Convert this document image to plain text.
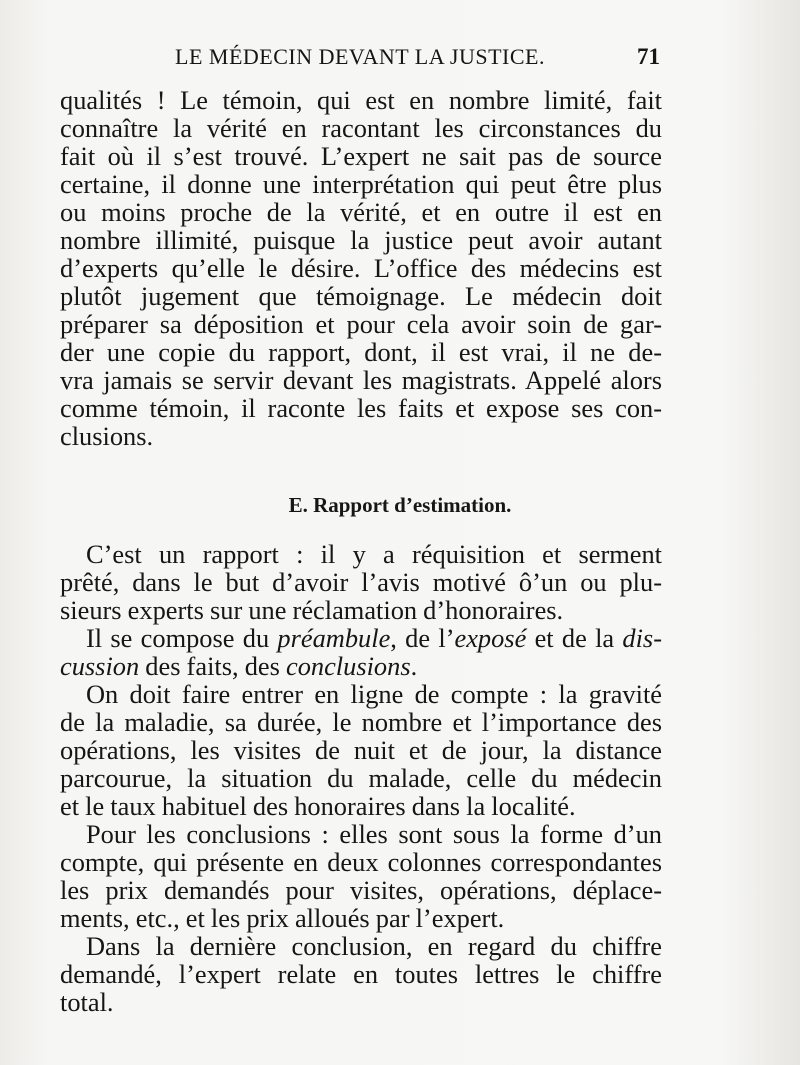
LE MÉDECIN DEVANT LA JUSTICE.	71
qualités ! Le témoin, qui est en nombre limité, fait
connaître la vérité en racontant les circonstances du
fait où il s’est trouvé. L’expert ne sait pas de source
certaine, il donne une interprétation qui peut être plus
ou moins proche de la vérité, et en outre il est en
nombre illimité, puisque la justice peut avoir autant
d’experts qu’elle le désire. L’office des médecins est
plutôt jugement que témoignage. Le médecin doit
préparer sa déposition et pour cela avoir soin de gar-
der une copie du rapport, dont, il est vrai, il ne de-
vra jamais se servir devant les magistrats. Appelé alors
comme témoin, il raconte les faits et expose ses con-
clusions.
E. Rapport d’estimation.
C’est un rapport : il y a réquisition et serment
prêté, dans le but d’avoir l’avis motivé ô’un ou plu-
sieurs experts sur une réclamation d’honoraires.
Il se compose du préambule, de l’exposé et de la dis-
cussion des faits, des conclusions.
On doit faire entrer en ligne de compte : la gravité
de la maladie, sa durée, le nombre et l’importance des
opérations, les visites de nuit et de jour, la distance
parcourue, la situation du malade, celle du médecin
et le taux habituel des honoraires dans la localité.
Pour les conclusions : elles sont sous la forme d’un
compte, qui présente en deux colonnes correspondantes
les prix demandés pour visites, opérations, déplace-
ments, etc., et les prix alloués par l’expert.
Dans la dernière conclusion, en regard du chiffre
demandé, l’expert relate en toutes lettres le chiffre
total.
